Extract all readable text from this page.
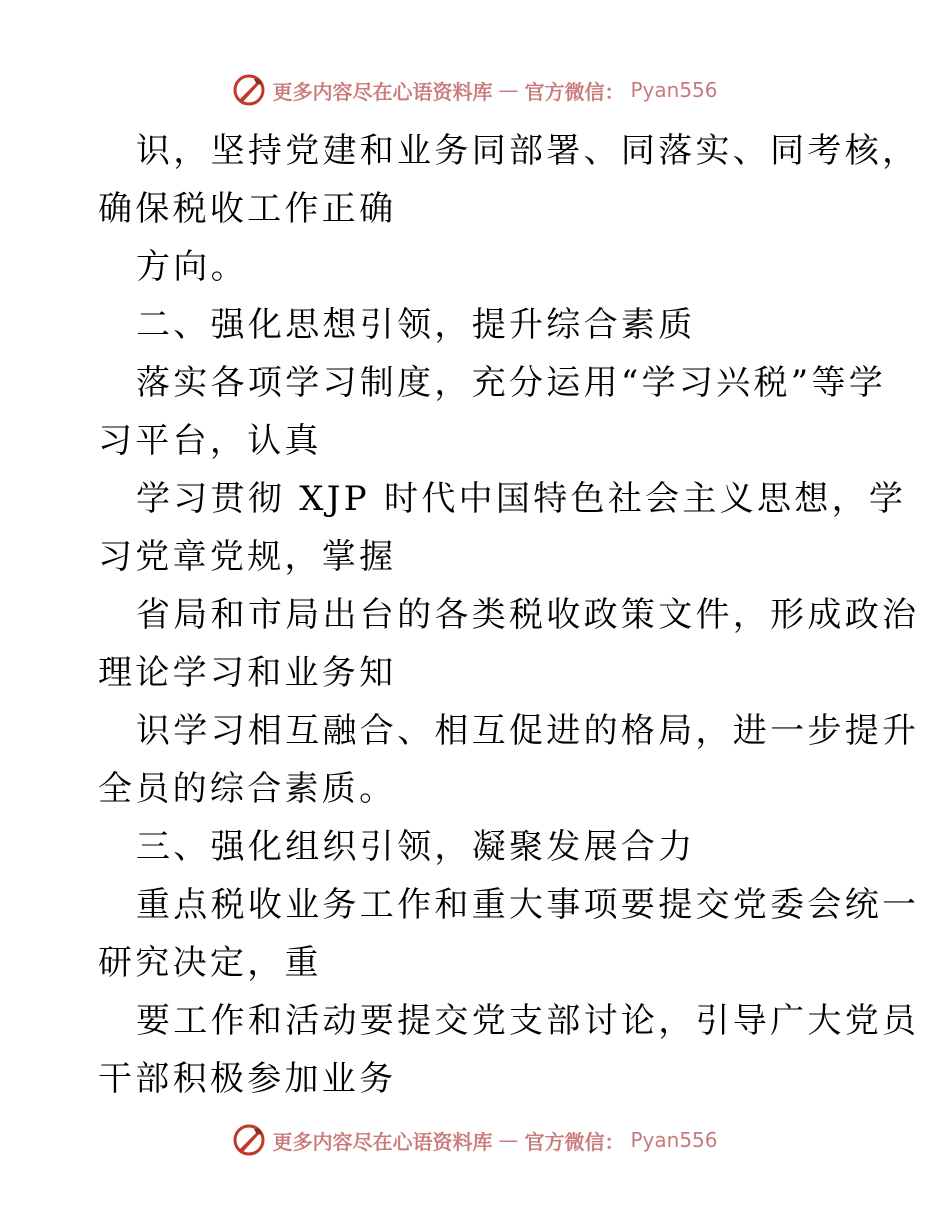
更多内容尽在心语资料库 — 官方微信： Pyan556
识，坚持党建和业务同部署、同落实、同考核，
确保税收工作正确
方向。
二、强化思想引领，提升综合素质
落实各项学习制度，充分运用“学习兴税”等学
习平台，认真
学习贯彻 XJP 时代中国特色社会主义思想，学
习党章党规，掌握
省局和市局出台的各类税收政策文件，形成政治
理论学习和业务知
识学习相互融合、相互促进的格局，进一步提升
全员的综合素质。
三、强化组织引领，凝聚发展合力
重点税收业务工作和重大事项要提交党委会统一
研究决定，重
要工作和活动要提交党支部讨论，引导广大党员
干部积极参加业务
更多内容尽在心语资料库 — 官方微信： Pyan556
